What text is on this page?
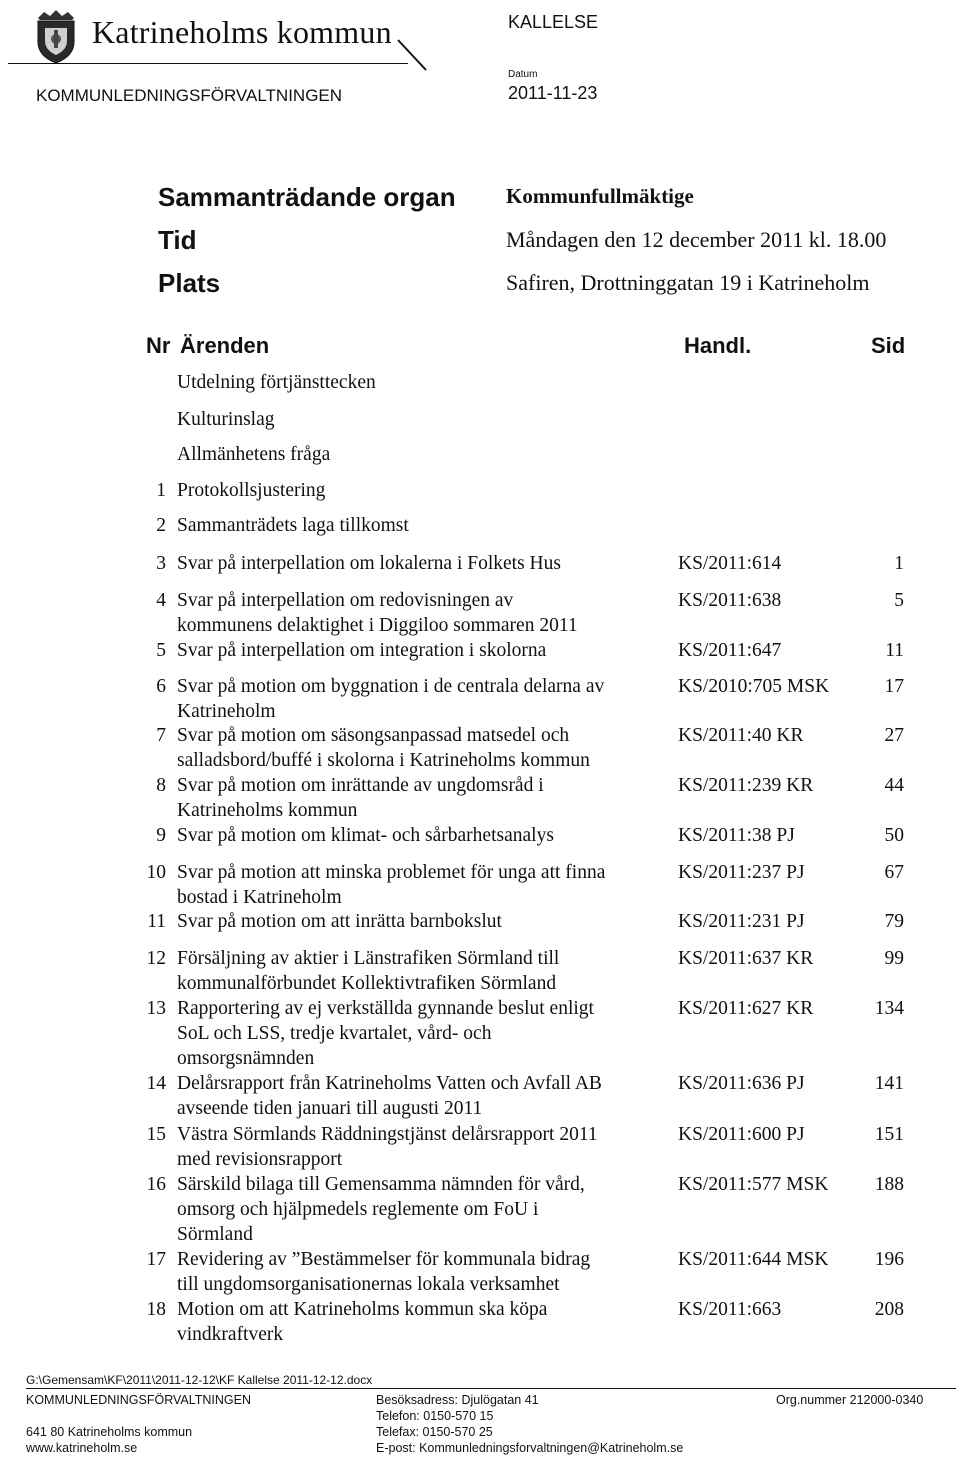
Katrineholms kommun
KOMMUNLEDNINGSFÖRVALTNINGEN
KALLELSE
Datum
2011-11-23
Sammanträdande organ Kommunfullmäktige
Tid	Måndagen den 12 december 2011 kl. 18.00
Plats	Safiren, Drottninggatan 19 i Katrineholm
Nr Ärenden	Handl.	Sid
Utdelning förtjänsttecken
Kulturinslag
Allmänhetens fråga
1 Protokollsjustering
2 Sammanträdets laga tillkomst
3 Svar på interpellation om lokalerna i Folkets Hus	KS/2011:614	1
4 Svar på interpellation om redovisningen av
kommunens delaktighet i Diggiloo sommaren 2011
KS/2011:638	5
5 Svar på interpellation om integration i skolorna	KS/2011:647	11
6 Svar på motion om byggnation i de centrala delarna av
Katrineholm
KS/2010:705 MSK	17
7 Svar på motion om säsongsanpassad matsedel och
salladsbord/buffé i skolorna i Katrineholms kommun
KS/2011:40 KR	27
8 Svar på motion om inrättande av ungdomsråd i
Katrineholms kommun
KS/2011:239 KR	44
9 Svar på motion om klimat- och sårbarhetsanalys	KS/2011:38 PJ	50
10 Svar på motion att minska problemet för unga att finna
bostad i Katrineholm
KS/2011:237 PJ	67
11 Svar på motion om att inrätta barnbokslut	KS/2011:231 PJ	79
12 Försäljning av aktier i Länstrafiken Sörmland till
kommunalförbundet Kollektivtrafiken Sörmland
KS/2011:637 KR	99
13 Rapportering av ej verkställda gynnande beslut enligt
SoL och LSS, tredje kvartalet, vård- och
omsorgsnämnden
KS/2011:627 KR	134
14 Delårsrapport från Katrineholms Vatten och Avfall AB
avseende tiden januari till augusti 2011
KS/2011:636 PJ	141
15 Västra Sörmlands Räddningstjänst delårsrapport 2011
med revisionsrapport
KS/2011:600 PJ	151
16 Särskild bilaga till Gemensamma nämnden för vård,
omsorg och hjälpmedels reglemente om FoU i
Sörmland
KS/2011:577 MSK 188
17 Revidering av ”Bestämmelser för kommunala bidrag
till ungdomsorganisationernas lokala verksamhet
KS/2011:644 MSK 196
18 Motion om att Katrineholms kommun ska köpa
vindkraftverk
KS/2011:663	208
G:\Gemensam\KF\2011\2011-12-12\KF Kallelse 2011-12-12.docx
KOMMUNLEDNINGSFÖRVALTNINGEN
641 80 Katrineholms kommun
www.katrineholm.se
Besöksadress: Djulögatan 41
Telefon: 0150-570 15
Telefax: 0150-570 25
E-post: Kommunledningsforvaltningen@Katrineholm.se
Org.nummer 212000-0340
